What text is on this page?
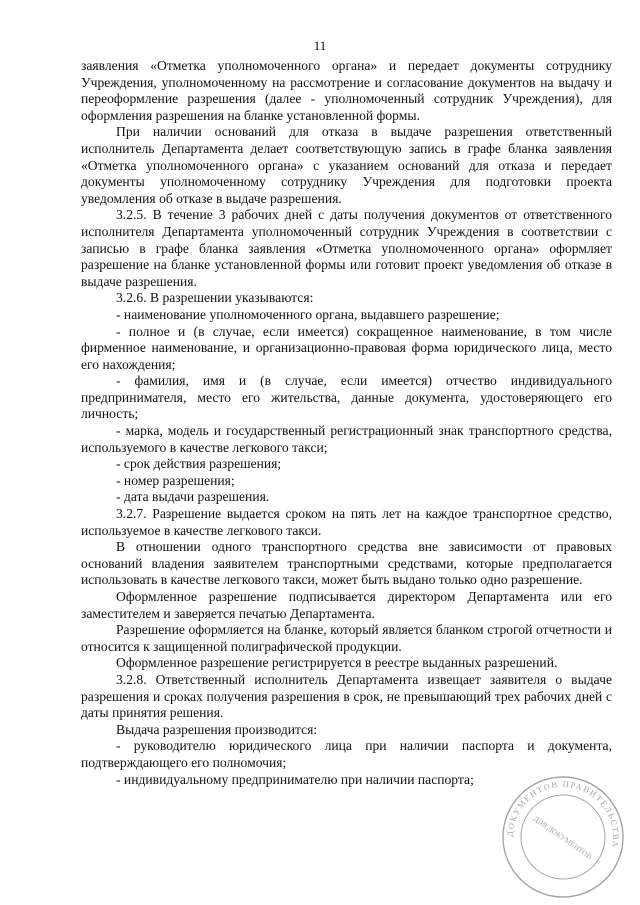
11

заявления «Отметка уполномоченного органа» и передает документы сотруднику Учреждения, уполномоченному на рассмотрение и согласование документов на выдачу и переоформление разрешения (далее - уполномоченный сотрудник Учреждения), для оформления разрешения на бланке установленной формы.

При наличии оснований для отказа в выдаче разрешения ответственный исполнитель Департамента делает соответствующую запись в графе бланка заявления «Отметка уполномоченного органа» с указанием оснований для отказа и передает документы уполномоченному сотруднику Учреждения для подготовки проекта уведомления об отказе в выдаче разрешения.

3.2.5. В течение 3 рабочих дней с даты получения документов от ответственного исполнителя Департамента уполномоченный сотрудник Учреждения в соответствии с записью в графе бланка заявления «Отметка уполномоченного органа» оформляет разрешение на бланке установленной формы или готовит проект уведомления об отказе в выдаче разрешения.

3.2.6. В разрешении указываются:

- наименование уполномоченного органа, выдавшего разрешение;

- полное и (в случае, если имеется) сокращенное наименование, в том числе фирменное наименование, и организационно-правовая форма юридического лица, место его нахождения;

- фамилия, имя и (в случае, если имеется) отчество индивидуального предпринимателя, место его жительства, данные документа, удостоверяющего его личность;

- марка, модель и государственный регистрационный знак транспортного средства, используемого в качестве легкового такси;

- срок действия разрешения;

- номер разрешения;

- дата выдачи разрешения.

3.2.7. Разрешение выдается сроком на пять лет на каждое транспортное средство, используемое в качестве легкового такси.

В отношении одного транспортного средства вне зависимости от правовых оснований владения заявителем транспортными средствами, которые предполагается использовать в качестве легкового такси, может быть выдано только одно разрешение.

Оформленное разрешение подписывается директором Департамента или его заместителем и заверяется печатью Департамента.

Разрешение оформляется на бланке, который является бланком строгой отчетности и относится к защищенной полиграфической продукции.

Оформленное разрешение регистрируется в реестре выданных разрешений.

3.2.8. Ответственный исполнитель Департамента извещает заявителя о выдаче разрешения и сроках получения разрешения в срок, не превышающий трех рабочих дней с даты принятия решения.

Выдача разрешения производится:

- руководителю юридического лица при наличии паспорта и документа, подтверждающего его полномочия;

- индивидуальному предпринимателю при наличии паспорта;

ДОКУМЕНТОВ ПРАВИТЕЛЬСТВА
ДЛЯ ДОКУМЕНТОВ
